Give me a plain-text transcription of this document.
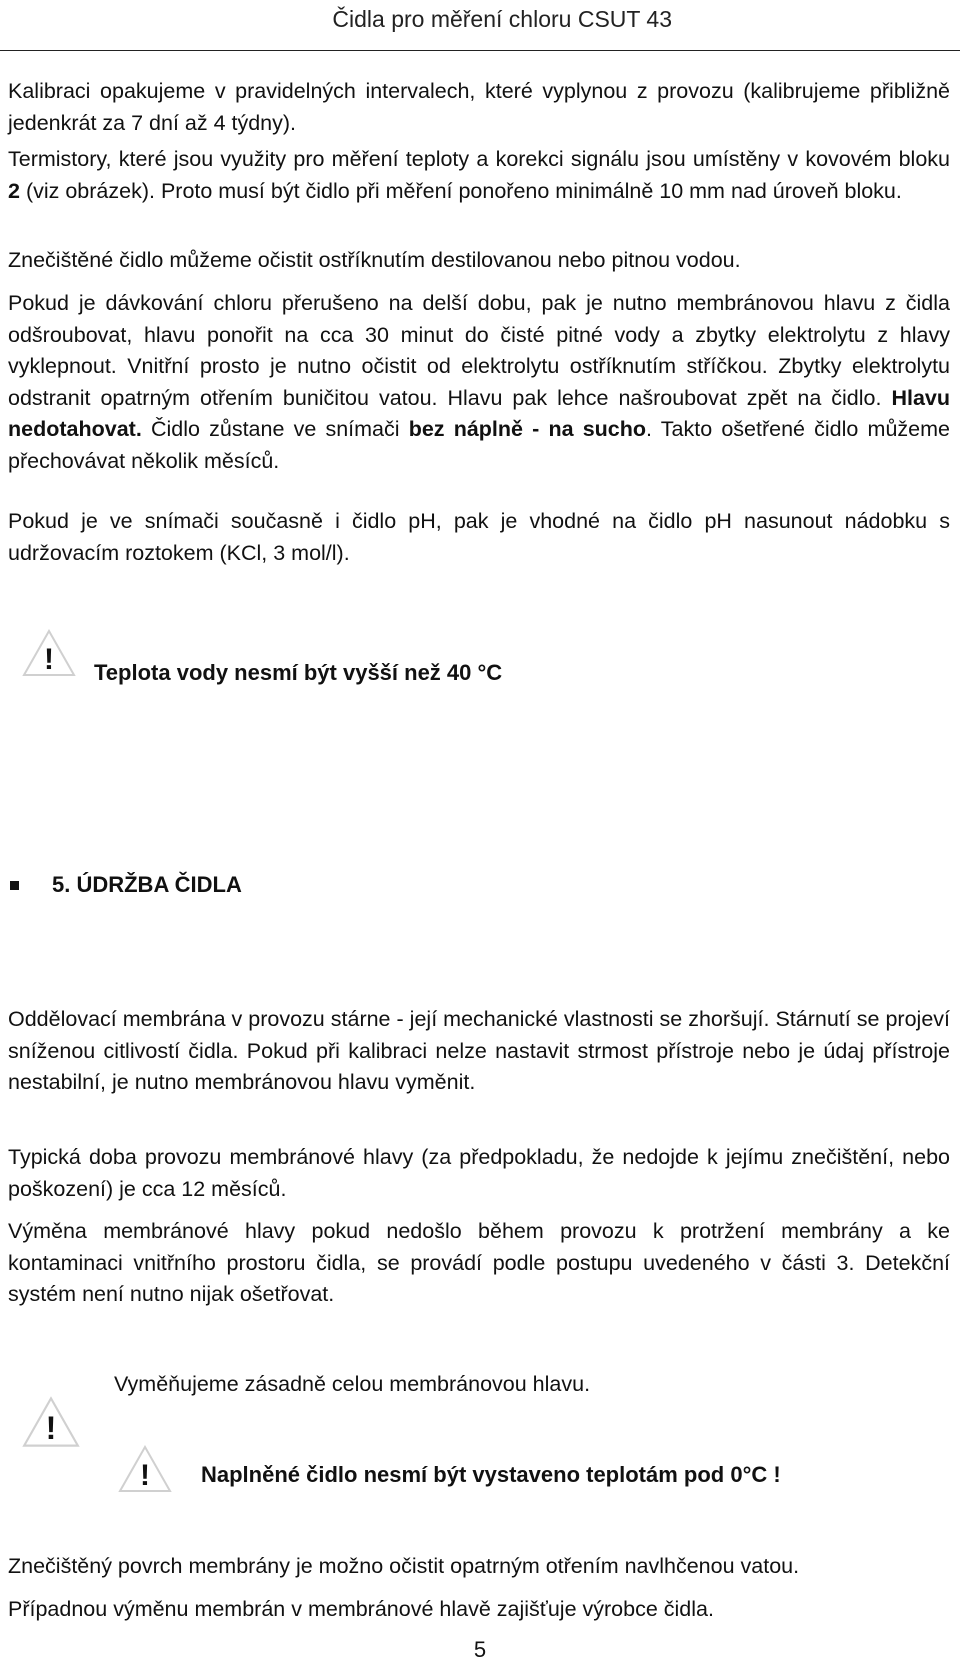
Čidla pro měření chloru CSUT 43

Kalibraci opakujeme v pravidelných intervalech, které vyplynou z provozu (kalibrujeme přibližně jedenkrát za 7 dní až 4 týdny).

Termistory, které jsou využity pro měření teploty a korekci signálu jsou umístěny v kovovém bloku 2 (viz obrázek). Proto musí být čidlo při měření ponořeno minimálně 10 mm nad úroveň bloku.

Znečištěné čidlo můžeme očistit ostříknutím destilovanou nebo pitnou vodou.

Pokud je dávkování chloru přerušeno na delší dobu, pak je nutno membránovou hlavu z čidla odšroubovat, hlavu ponořit na cca 30 minut do čisté pitné vody a zbytky elektrolytu z hlavy vyklepnout. Vnitřní prosto je nutno očistit od elektrolytu ostříknutím stříčkou. Zbytky elektrolytu odstranit opatrným otřením buničitou vatou. Hlavu pak lehce našroubovat zpět na čidlo. Hlavu nedotahovat. Čidlo zůstane ve snímači bez náplně - na sucho. Takto ošetřené čidlo můžeme přechovávat několik měsíců.

Pokud je ve snímači současně i čidlo pH, pak je vhodné na čidlo pH nasunout nádobku s udržovacím roztokem (KCl, 3 mol/l).

! Teplota vody nesmí být vyšší než 40 °C
5. ÚDRŽBA ČIDLA

Oddělovací membrána v provozu stárne - její mechanické vlastnosti se zhoršují. Stárnutí se projeví sníženou citlivostí čidla. Pokud při kalibraci nelze nastavit strmost přístroje nebo je údaj přístroje nestabilní, je nutno membránovou hlavu vyměnit.

Typická doba provozu membránové hlavy (za předpokladu, že nedojde k jejímu znečištění, nebo poškození) je cca 12 měsíců.

Výměna membránové hlavy pokud nedošlo během provozu k protržení membrány a ke kontaminaci vnitřního prostoru čidla, se provádí podle postupu uvedeného v části 3. Detekční systém není nutno nijak ošetřovat.

Vyměňujeme zásadně celou membránovou hlavu.
!
! Naplněné čidlo nesmí být vystaveno teplotám pod 0°C !

Znečištěný povrch membrány je možno očistit opatrným otřením navlhčenou vatou.

Případnou výměnu membrán v membránové hlavě zajišťuje výrobce čidla.

5
